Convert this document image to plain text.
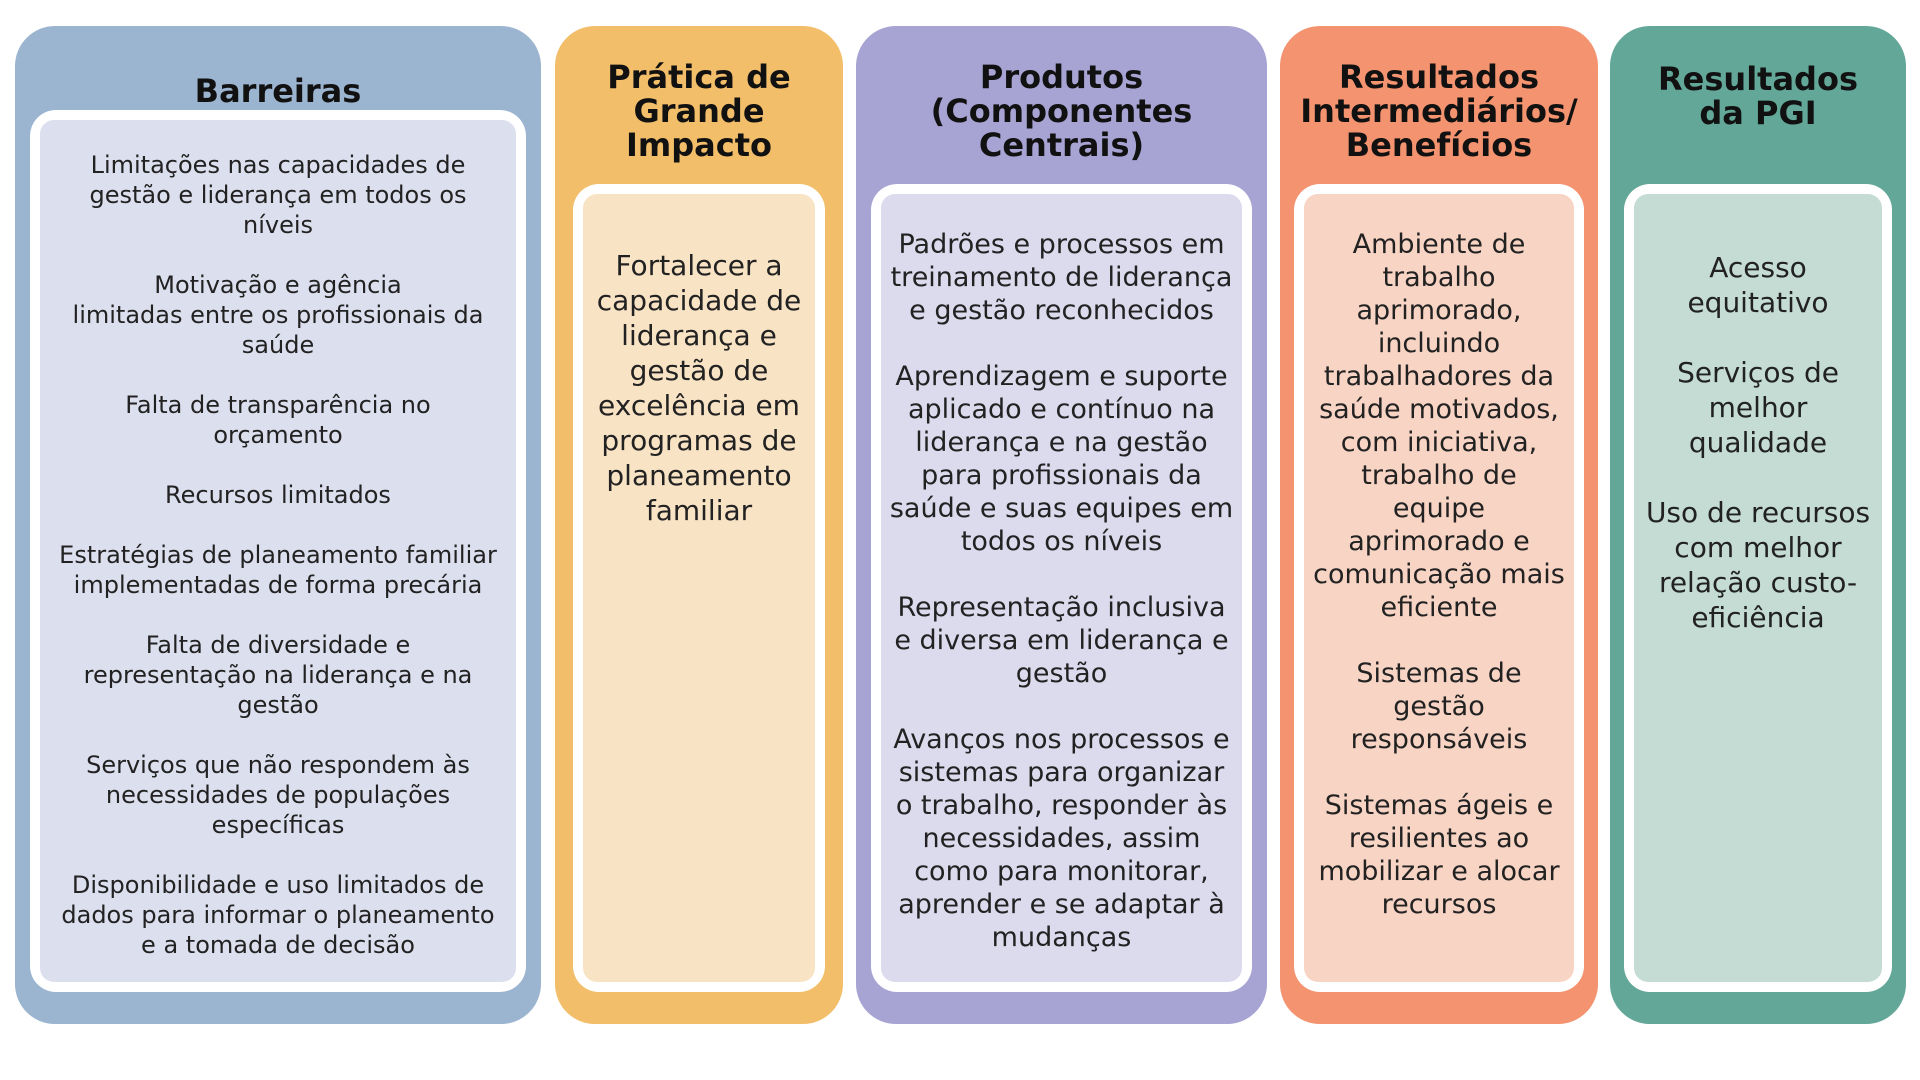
Barreiras

Limitações nas capacidades de
gestão e liderança em todos os
níveis

Motivação e agência
limitadas entre os profissionais da
saúde

Falta de transparência no
orçamento

Recursos limitados

Estratégias de planeamento familiar
implementadas de forma precária

Falta de diversidade e
representação na liderança e na
gestão

Serviços que não respondem às
necessidades de populações
específicas

Disponibilidade e uso limitados de
dados para informar o planeamento
e a tomada de decisão

Prática de
Grande Impacto

Fortalecer a
capacidade de
liderança e
gestão de
excelência em
programas de
planeamento
familiar

Produtos
(Componentes
Centrais)

Padrões e processos em
treinamento de liderança
e gestão reconhecidos

Aprendizagem e suporte
aplicado e contínuo na
liderança e na gestão
para profissionais da
saúde e suas equipes em
todos os níveis

Representação inclusiva
e diversa em liderança e
gestão

Avanços nos processos e
sistemas para organizar
o trabalho, responder às
necessidades, assim
como para monitorar,
aprender e se adaptar à
mudanças

Resultados
Intermediários/
Benefícios

Ambiente de
trabalho
aprimorado,
incluindo
trabalhadores da
saúde motivados,
com iniciativa,
trabalho de
equipe
aprimorado e
comunicação mais
eficiente

Sistemas de
gestão
responsáveis

Sistemas ágeis e
resilientes ao
mobilizar e alocar
recursos

Resultados
da PGI

Acesso
equitativo

Serviços de
melhor
qualidade

Uso de recursos
com melhor
relação custo-
eficiência
